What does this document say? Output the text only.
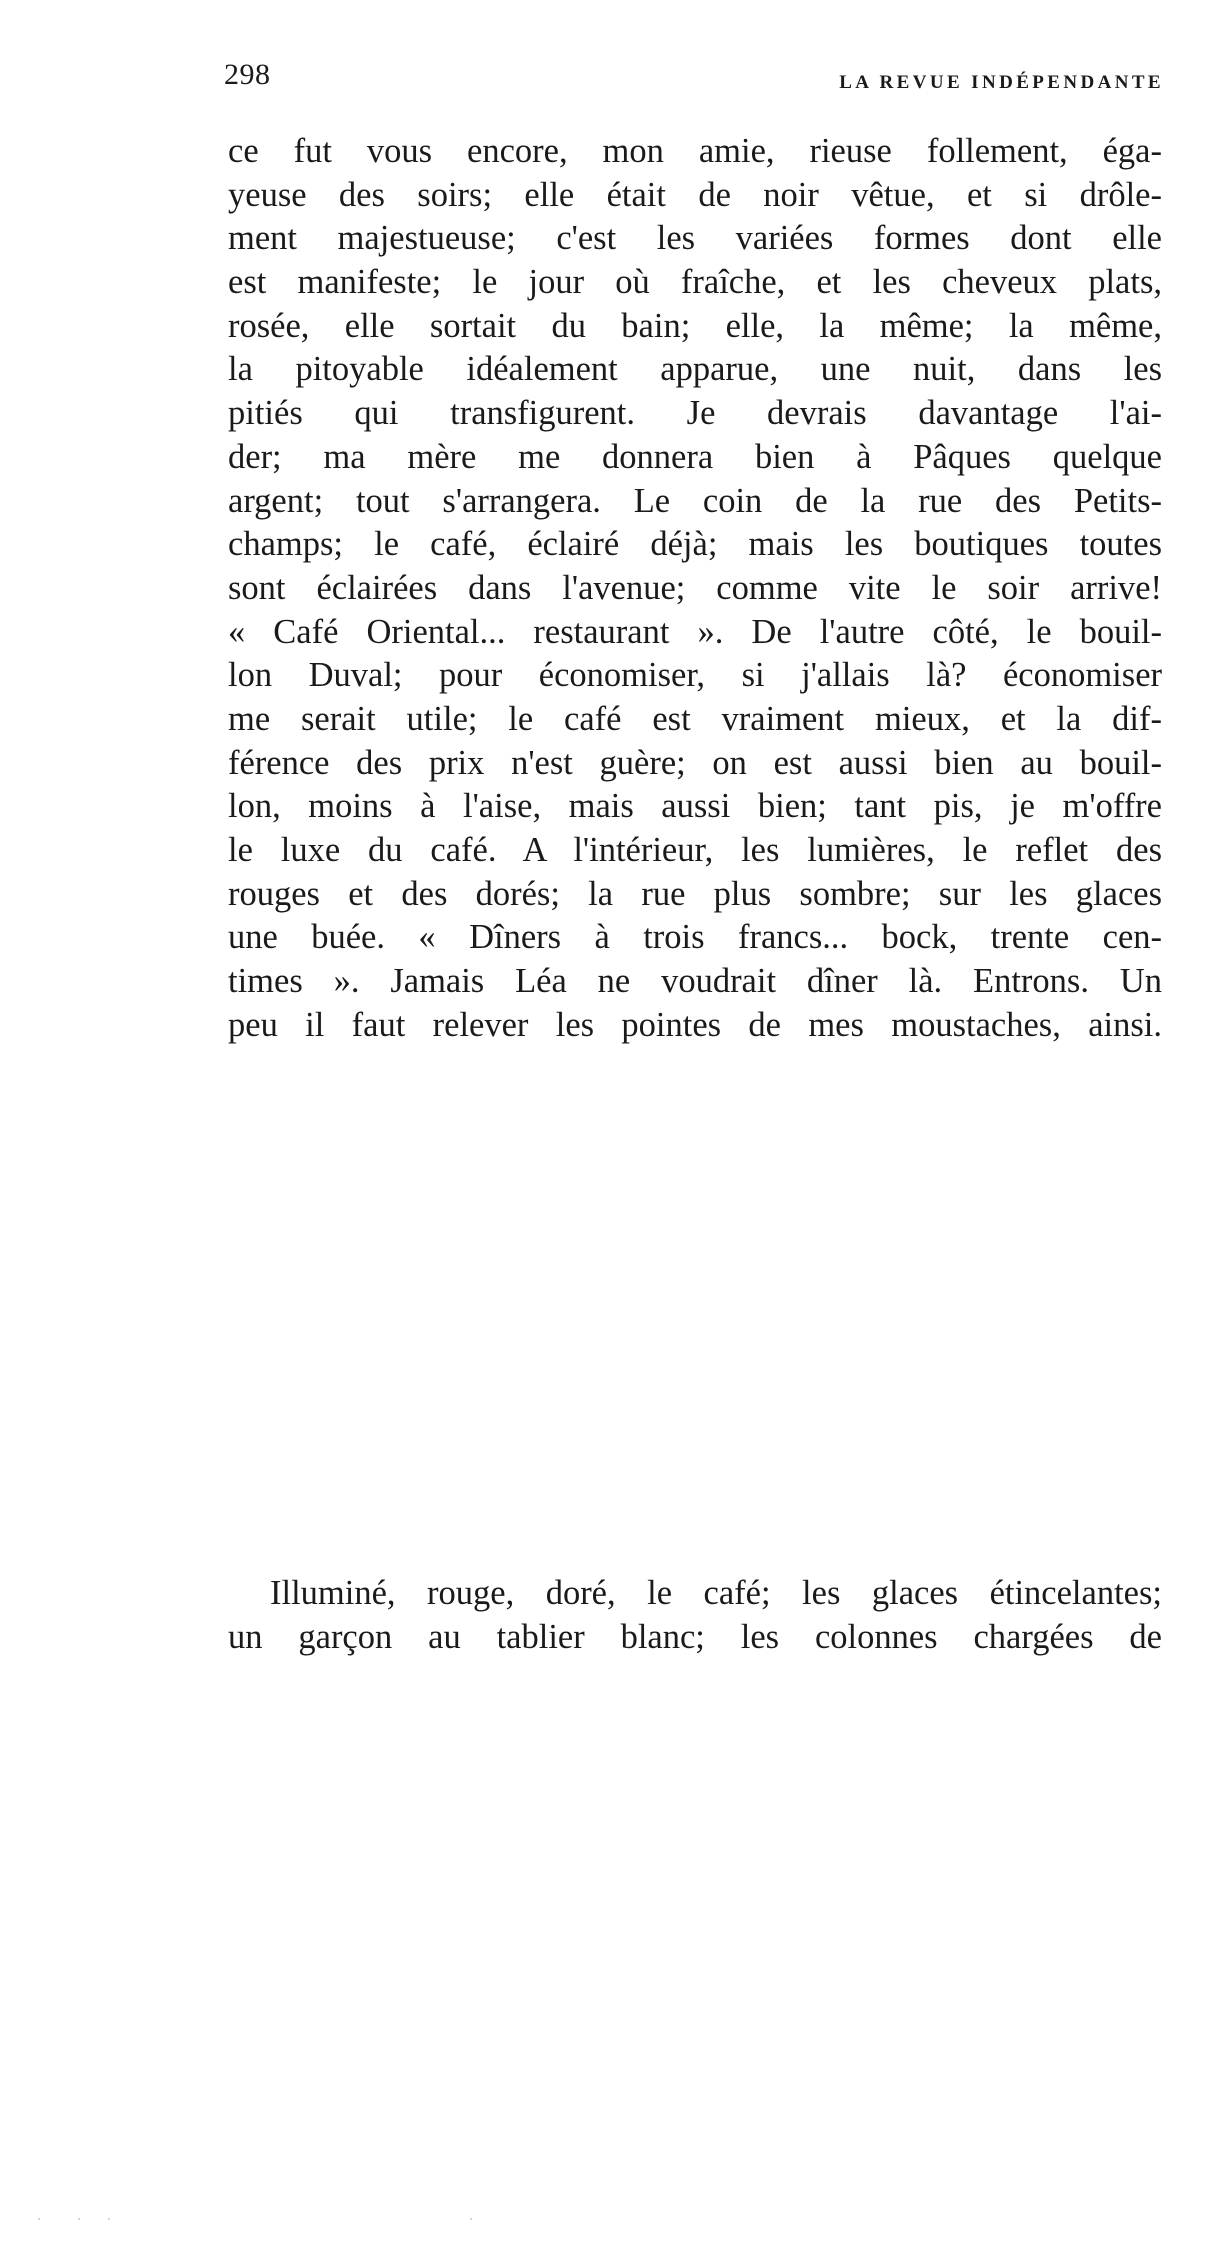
298	LA REVUE INDÉPENDANTE
ce fut vous encore, mon amie, rieuse follement, éga-
yeuse des soirs; elle était de noir vêtue, et si drôle-
ment majestueuse; c'est les variées formes dont elle
est manifeste; le jour où fraîche, et les cheveux plats,
rosée, elle sortait du bain; elle, la même; la même,
la pitoyable idéalement apparue, une nuit, dans les
pitiés qui transfigurent. Je devrais davantage l'ai-
der; ma mère me donnera bien à Pâques quelque
argent; tout s'arrangera. Le coin de la rue des Petits-
champs; le café, éclairé déjà; mais les boutiques toutes
sont éclairées dans l'avenue; comme vite le soir arrive!
« Café Oriental... restaurant ». De l'autre côté, le bouil-
lon Duval; pour économiser, si j'allais là? économiser
me serait utile; le café est vraiment mieux, et la dif-
férence des prix n'est guère; on est aussi bien au bouil-
lon, moins à l'aise, mais aussi bien; tant pis, je m'offre
le luxe du café. A l'intérieur, les lumières, le reflet des
rouges et des dorés; la rue plus sombre; sur les glaces
une buée. « Dîners à trois francs... bock, trente cen-
times ». Jamais Léa ne voudrait dîner là. Entrons. Un
peu il faut relever les pointes de mes moustaches, ainsi.
Illuminé, rouge, doré, le café; les glaces étincelantes;
un garçon au tablier blanc; les colonnes chargées de
